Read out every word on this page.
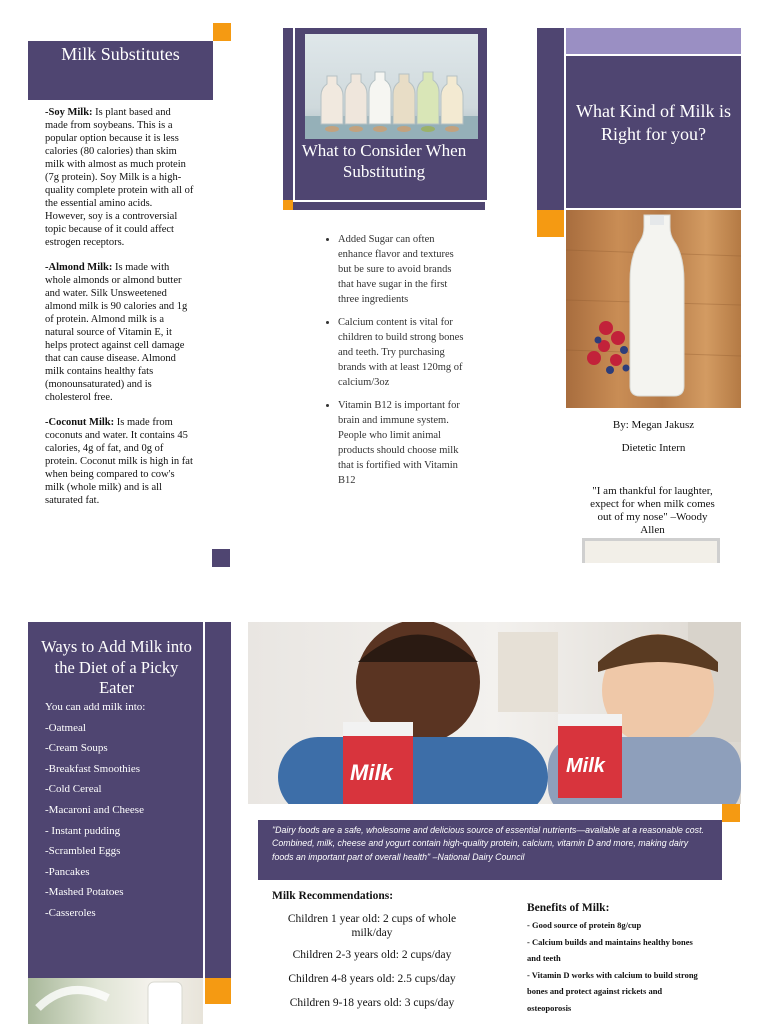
Milk Substitutes

-Soy Milk: Is plant based and made from soybeans. This is a popular option because it is less calories (80 calories) than skim milk with almost as much protein (7g protein). Soy Milk is a high-quality complete protein with all of the essential amino acids. However, soy is a controversial topic because of it could affect estrogen receptors.

-Almond Milk: Is made with whole almonds or almond butter and water. Silk Unsweetened almond milk is 90 calories and 1g of protein. Almond milk is a natural source of Vitamin E, it helps protect against cell damage that can cause disease. Almond milk contains healthy fats (monounsaturated) and is cholesterol free.

-Coconut Milk: Is made from coconuts and water. It contains 45 calories, 4g of fat, and 0g of protein. Coconut milk is high in fat when being compared to cow's milk (whole milk) and is all saturated fat.

What to Consider When Substituting
• Added Sugar can often enhance flavor and textures but be sure to avoid brands that have sugar in the first three ingredients
• Calcium content is vital for children to build strong bones and teeth. Try purchasing brands with at least 120mg of calcium/3oz
• Vitamin B12 is important for brain and immune system. People who limit animal products should choose milk that is fortified with Vitamin B12
What Kind of Milk is Right for you?
By: Megan Jakusz
Dietetic Intern
"I am thankful for laughter, expect for when milk comes out of my nose" –Woody Allen
Ways to Add Milk into the Diet of a Picky Eater
You can add milk into:
-Oatmeal
-Cream Soups
-Breakfast Smoothies
-Cold Cereal
-Macaroni and Cheese
- Instant pudding
-Scrambled Eggs
-Pancakes
-Mashed Potatoes
-Casseroles
Milk	Milk
"Dairy foods are a safe, wholesome and delicious source of essential nutrients—available at a reasonable cost. Combined, milk, cheese and yogurt contain high-quality protein, calcium, vitamin D and more, making dairy foods an important part of overall health" –National Dairy Council
Milk Recommendations:
Children 1 year old: 2 cups of whole milk/day
Children 2-3 years old: 2 cups/day
Children 4-8 years old: 2.5 cups/day
Children 9-18 years old: 3 cups/day
Benefits of Milk:
- Good source of protein 8g/cup
- Calcium builds and maintains healthy bones and teeth
- Vitamin D works with calcium to build strong bones and protect against rickets and osteoporosis
